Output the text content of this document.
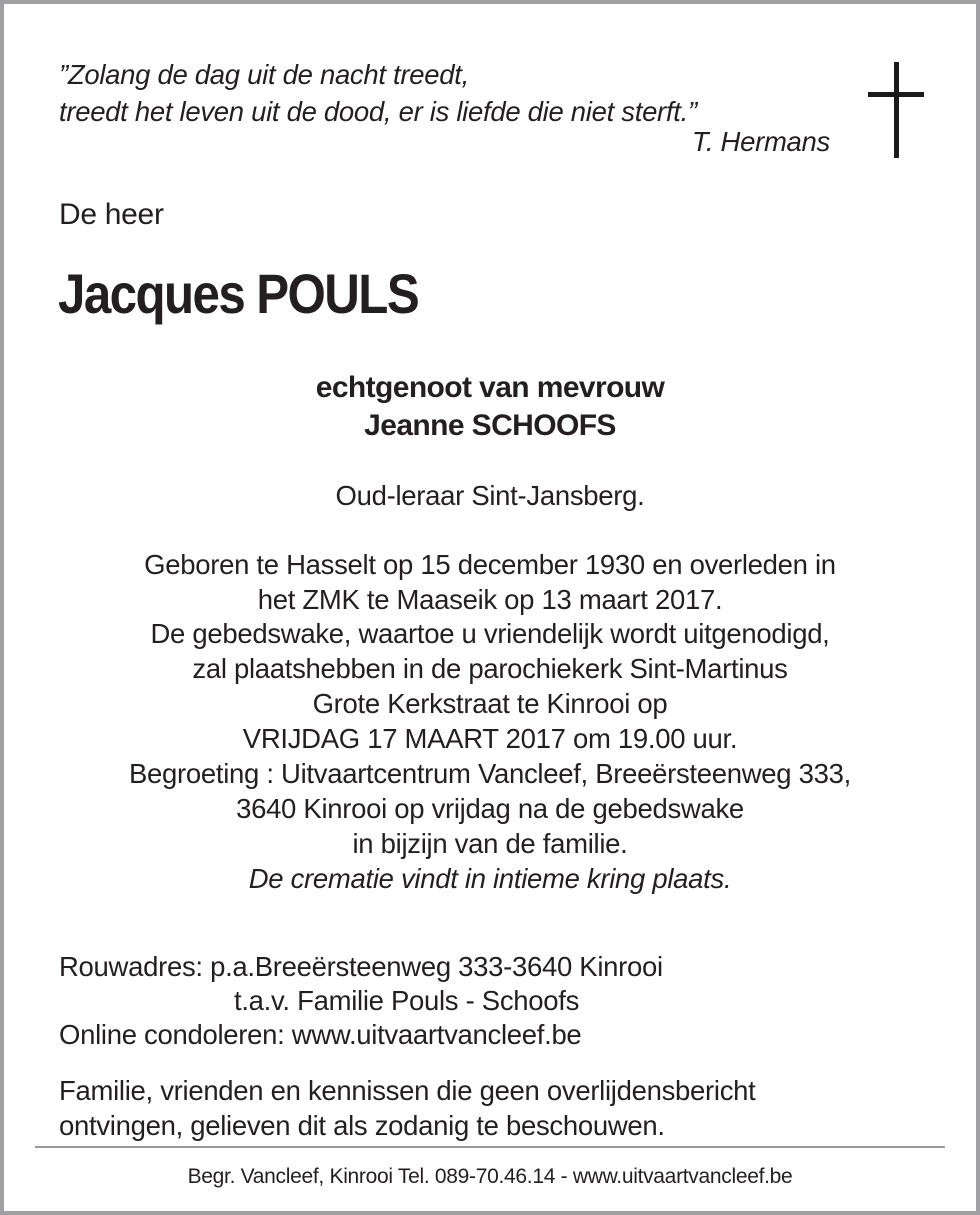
”Zolang de dag uit de nacht treedt,
treedt het leven uit de dood, er is liefde die niet sterft.”
T. Hermans
De heer
Jacques POULS
echtgenoot van mevrouw
Jeanne SCHOOFS
Oud-leraar Sint-Jansberg.
Geboren te Hasselt op 15 december 1930 en overleden in
het ZMK te Maaseik op 13 maart 2017.
De gebedswake, waartoe u vriendelijk wordt uitgenodigd,
zal plaatshebben in de parochiekerk Sint-Martinus
Grote Kerkstraat te Kinrooi op
VRIJDAG 17 MAART 2017 om 19.00 uur.
Begroeting : Uitvaartcentrum Vancleef, Breeërsteenweg 333,
3640 Kinrooi op vrijdag na de gebedswake
in bijzijn van de familie.
De crematie vindt in intieme kring plaats.
Rouwadres: p.a.Breeërsteenweg 333-3640 Kinrooi
t.a.v. Familie Pouls - Schoofs
Online condoleren: www.uitvaartvancleef.be
Familie, vrienden en kennissen die geen overlijdensbericht
ontvingen, gelieven dit als zodanig te beschouwen.
Begr. Vancleef, Kinrooi Tel. 089-70.46.14 - www.uitvaartvancleef.be
